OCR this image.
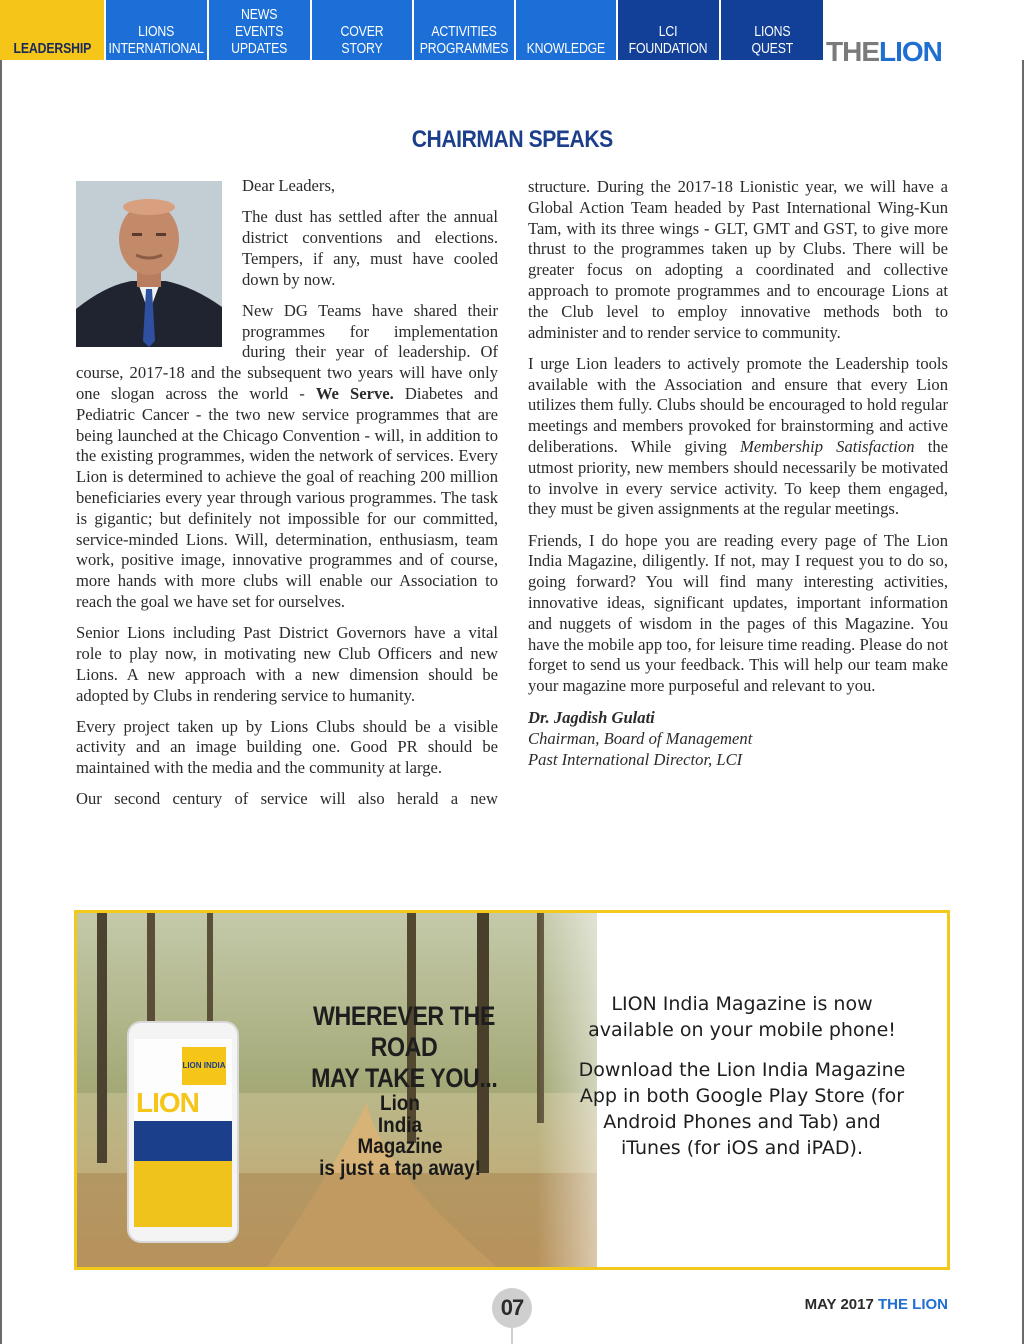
LEADERSHIP
LIONS
INTERNATIONAL
NEWS
EVENTS
UPDATES
COVER STORY
ACTIVITIES
PROGRAMMES KNOWLEDGE
LCI
FOUNDATION
LIONS
QUEST THELION
CHAIRMAN SPEAKS

Dear Leaders,

The dust has settled after the annual district conventions and elections. Tempers, if any, must have cooled down by now.

New DG Teams have shared their programmes for implementation during their year of leadership. Of course, 2017-18 and the subsequent two years will have only one slogan across the world - We Serve. Diabetes and Pediatric Cancer - the two new service programmes that are being launched at the Chicago Convention - will, in addition to the existing programmes, widen the network of services. Every Lion is determined to achieve the goal of reaching 200 million beneficiaries every year through various programmes. The task is gigantic; but definitely not impossible for our committed, service-minded Lions. Will, determination, enthusiasm, team work, positive image, innovative programmes and of course, more hands with more clubs will enable our Association to reach the goal we have set for ourselves.

Senior Lions including Past District Governors have a vital role to play now, in motivating new Club Officers and new Lions. A new approach with a new dimension should be adopted by Clubs in rendering service to humanity.

Every project taken up by Lions Clubs should be a visible activity and an image building one. Good PR should be maintained with the media and the community at large.

Our second century of service will also herald a new

structure. During the 2017-18 Lionistic year, we will have a Global Action Team headed by Past International Wing-Kun Tam, with its three wings - GLT, GMT and GST, to give more thrust to the programmes taken up by Clubs. There will be greater focus on adopting a coordinated and collective approach to promote programmes and to encourage Lions at the Club level to employ innovative methods both to administer and to render service to community.

I urge Lion leaders to actively promote the Leadership tools available with the Association and ensure that every Lion utilizes them fully. Clubs should be encouraged to hold regular meetings and members provoked for brainstorming and active deliberations. While giving Membership Satisfaction the utmost priority, new members should necessarily be motivated to involve in every service activity. To keep them engaged, they must be given assignments at the regular meetings.

Friends, I do hope you are reading every page of The Lion India Magazine, diligently. If not, may I request you to do so, going forward? You will find many interesting activities, innovative ideas, significant updates, important information and nuggets of wisdom in the pages of this Magazine. You have the mobile app too, for leisure time reading. Please do not forget to send us your feedback. This will help our team make your magazine more purposeful and relevant to you.

Dr. Jagdish Gulati
Chairman, Board of Management
Past International Director, LCI
WHEREVER THE ROAD
MAY TAKE YOU...
Lion
India
Magazine
is just a tap away!
LION INDIA
LION

LION India Magazine is now available on your mobile phone!

Download the Lion India Magazine App in both Google Play Store (for Android Phones and Tab) and iTunes (for iOS and iPAD).

07	MAY 2017 THE LION
